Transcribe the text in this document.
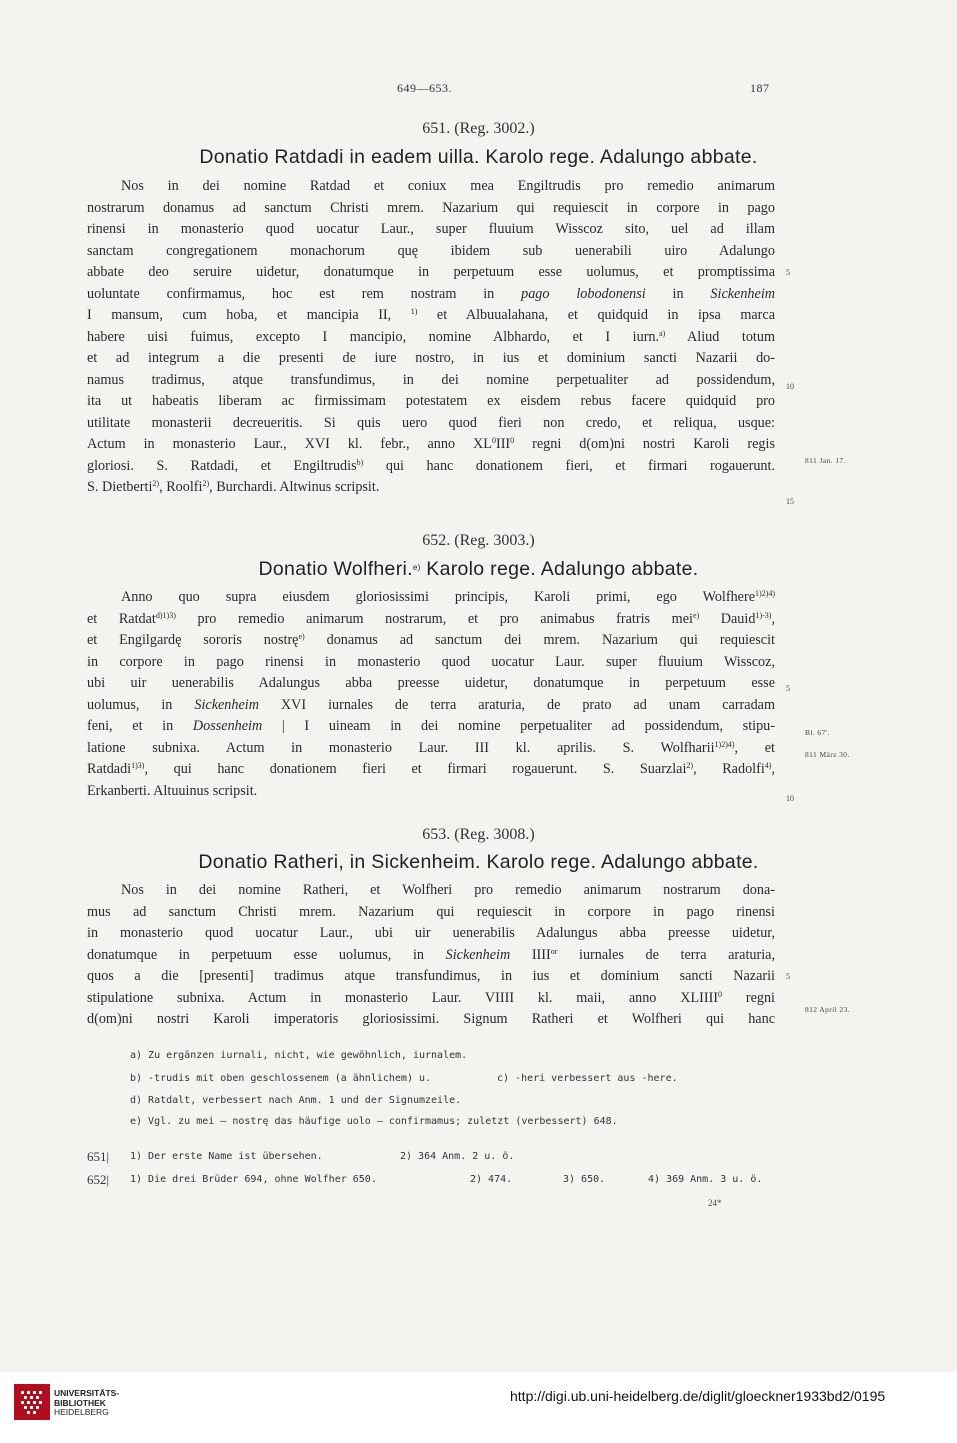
649—653.	187
651. (Reg. 3002.)
Donatio Ratdadi in eadem uilla. Karolo rege. Adalungo abbate.
Nos in dei nomine Ratdad et coniux mea Engiltrudis pro remedio animarum
nostrarum donamus ad sanctum Christi mrem. Nazarium qui requiescit in corpore in pago
rinensi in monasterio quod uocatur Laur., super fluuium Wisscoz sito, uel ad illam
sanctam congregationem monachorum quę ibidem sub uenerabili uiro Adalungo
abbate deo seruire uidetur, donatumque in perpetuum esse uolumus, et promptissima
uoluntate confirmamus, hoc est rem nostram in pago lobodonensi in Sickenheim
I mansum, cum hoba, et mancipia II, $^{1)}$ et Albuualahana, et quidquid in ipsa marca
habere uisi fuimus, excepto I mancipio, nomine Albhardo, et I iurn.$^{a)}$ Aliud totum
et ad integrum a die presenti de iure nostro, in ius et dominium sancti Nazarii do-
namus tradimus, atque transfundimus, in dei nomine perpetualiter ad possidendum,
ita ut habeatis liberam ac firmissimam potestatem ex eisdem rebus facere quidquid pro
utilitate monasterii decreueritis. Si quis uero quod fieri non credo, et reliqua, usque:
Actum in monasterio Laur., XVI kl. febr., anno $XL^0III^0$ regni d(om)ni nostri Karoli regis
gloriosi. S. Ratdadi, et Engiltrudis$^{b)}$ qui hanc donationem fieri, et firmari rogauerunt.
S. Dietberti$^{2)}$, Roolfi$^{2)}$, Burchardi. Altwinus scripsit.
652. (Reg. 3003.)
Donatio Wolfheri.$^{e)}$ Karolo rege. Adalungo abbate.
Anno quo supra eiusdem gloriosissimi principis, Karoli primi, ego Wolfhere$^{1)2)4)}$
et Ratdat$^{d)1)3)}$ pro remedio animarum nostrarum, et pro animabus fratris mei$^{e)}$ Dauid$^{1)-3)}$,
et Engilgardę sororis nostrę$^{e)}$ donamus ad sanctum dei mrem. Nazarium qui requiescit
in corpore in pago rinensi in monasterio quod uocatur Laur. super fluuium Wisscoz,
ubi uir uenerabilis Adalungus abba preesse uidetur, donatumque in perpetuum esse
uolumus, in Sickenheim XVI iurnales de terra araturia, de prato ad unam carradam
feni, et in Dossenheim | I uineam in dei nomine perpetualiter ad possidendum, stipu-
latione subnixa. Actum in monasterio Laur. III kl. aprilis. S. Wolfharii$^{1)2)4)}$, et
Ratdadi$^{1)3)}$, qui hanc donationem fieri et firmari rogauerunt. S. Suarzlai$^{2)}$, Radolfi$^{4)}$,
Erkanberti. Altuuinus scripsit.
653. (Reg. 3008.)
Donatio Ratheri, in Sickenheim. Karolo rege. Adalungo abbate.
Nos in dei nomine Ratheri, et Wolfheri pro remedio animarum nostrarum dona-
mus ad sanctum Christi mrem. Nazarium qui requiescit in corpore in pago rinensi
in monasterio quod uocatur Laur., ubi uir uenerabilis Adalungus abba preesse uidetur,
donatumque in perpetuum esse uolumus, in Sickenheim $IIII^{or}$ iurnales de terra araturia,
quos a die [presenti] tradimus atque transfundimus, in ius et dominium sancti Nazarii
stipulatione subnixa. Actum in monasterio Laur. VIIII kl. maii, anno XLIIII$^0$ regni
d(om)ni nostri Karoli imperatoris gloriosissimi. Signum Ratheri et Wolfheri qui hanc
5
10
15
5
10
5
811 Jan. 17.
Bl. 67'.
811 März 30.
812 April 23.
a) Zu ergänzen iurnali, nicht, wie gewöhnlich, iurnalem.
b) -trudis mit oben geschlossenem (a ähnlichem) u.	c) -heri verbessert aus -here.
d) Ratdalt, verbessert nach Anm. 1 und der Signumzeile.
e) Vgl. zu mei — nostrę das häufige uolo — confirmamus; zuletzt (verbessert) 648.
651| 1) Der erste Name ist übersehen.	2) 364 Anm. 2 u. ö.
652| 1) Die drei Brüder 694, ohne Wolfher 650.	2) 474.	3) 650.	4) 369 Anm. 3 u. ö.
24*
UNIVERSITÄTS-
BIBLIOTHEK
HEIDELBERG
http://digi.ub.uni-heidelberg.de/diglit/gloeckner1933bd2/0195
